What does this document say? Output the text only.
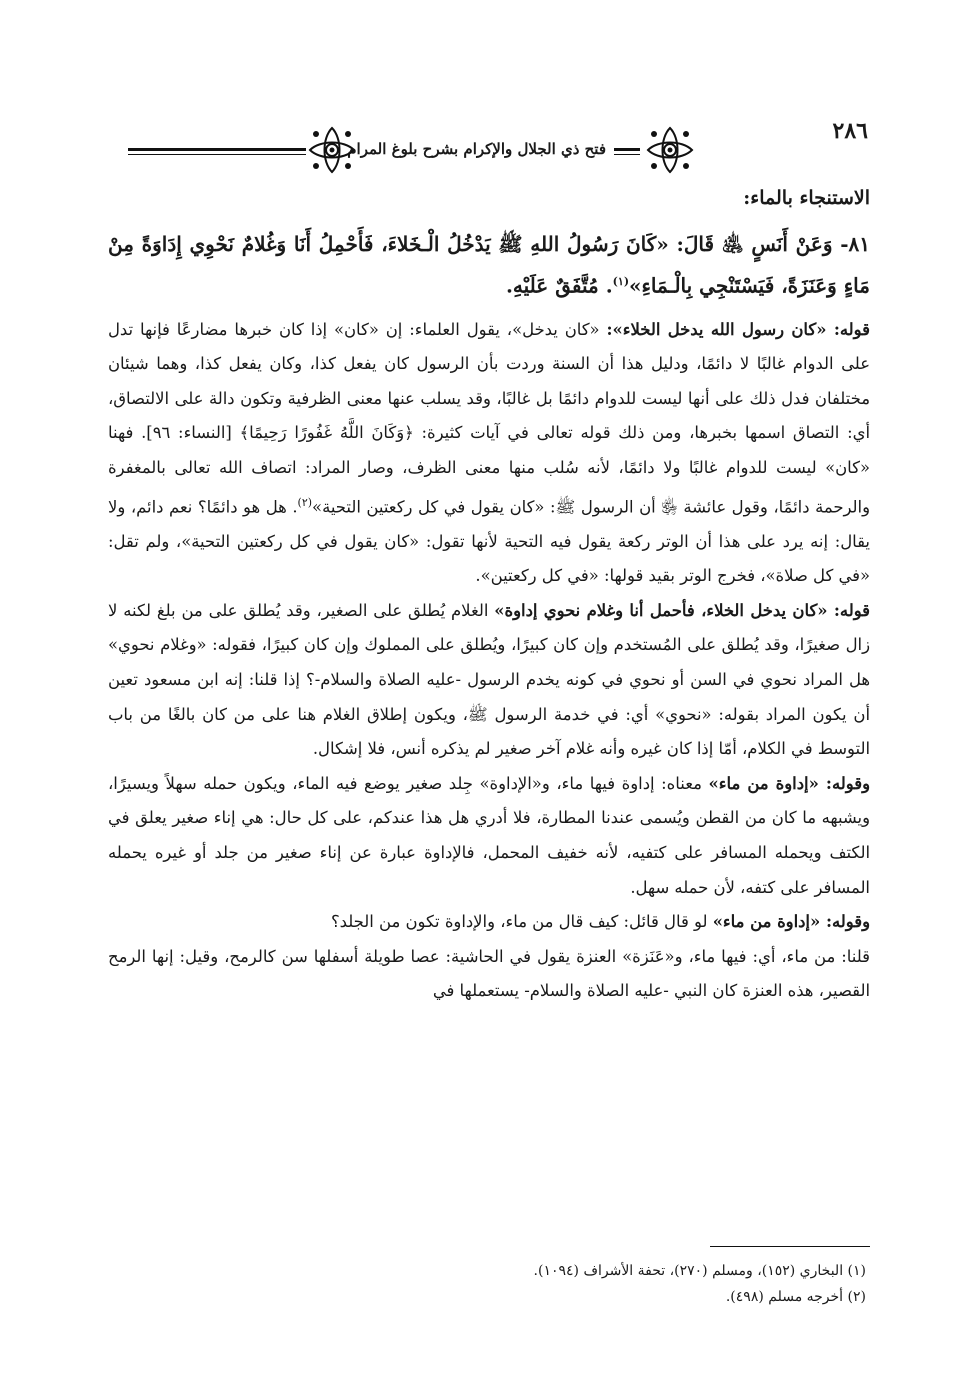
٢٨٦
فتح ذي الجلال والإكرام بشرح بلوغ المرام
الاستنجاء بالماء:

٨١- وَعَنْ أَنَسٍ ﵁ قَالَ: «كَانَ رَسُولُ اللهِ ﷺ يَدْخُلُ الْـخَلاءَ، فَأَحْمِلُ أَنَا وَغُلامٌ نَحْوِي إِدَاوَةً مِنْ مَاءٍ وَعَنَزَةً، فَيَسْتَنْجِي بِالْـمَاءِ»$^{(١)}$. مُتَّفَقٌ عَلَيْهِ.

قوله: «كان رسول الله يدخل الخلاء»: «كان يدخل»، يقول العلماء: إن «كان» إذا كان خبرها مضارعًا فإنها تدل على الدوام غالبًا لا دائمًا، ودليل هذا أن السنة وردت بأن الرسول كان يفعل كذا، وكان يفعل كذا، وهما شيئان مختلفان فدل ذلك على أنها ليست للدوام دائمًا بل غالبًا، وقد يسلب عنها معنى الظرفية وتكون دالة على الالتصاق، أي: التصاق اسمها بخبرها، ومن ذلك قوله تعالى في آيات كثيرة: ﴿وَكَانَ اللَّهُ غَفُورًا رَحِيمًا﴾ [النساء: ٩٦]. فهنا «كان» ليست للدوام غالبًا ولا دائمًا، لأنه سُلب منها معنى الظرف، وصار المراد: اتصاف الله تعالى بالمغفرة والرحمة دائمًا، وقول عائشة ﵂ أن الرسول ﷺ: «كان يقول في كل ركعتين التحية»$^{(٢)}$. هل هو دائمًا؟ نعم دائم، ولا يقال: إنه يرد على هذا أن الوتر ركعة يقول فيه التحية لأنها تقول: «كان يقول في كل ركعتين التحية»، ولم تقل: «في كل صلاة»، فخرج الوتر بقيد قولها: «في كل ركعتين».

قوله: «كان يدخل الخلاء، فأحمل أنا وغلام نحوي إداوة» الغلام يُطلق على الصغير، وقد يُطلق على من بلغ لكنه لا زال صغيرًا، وقد يُطلق على المُستخدم وإن كان كبيرًا، ويُطلق على المملوك وإن كان كبيرًا، فقوله: «وغلام نحوي» هل المراد نحوي في السن أو نحوي في كونه يخدم الرسول -عليه الصلاة والسلام-؟ إذا قلنا: إنه ابن مسعود تعين أن يكون المراد بقوله: «نحوي» أي: في خدمة الرسول ﷺ، ويكون إطلاق الغلام هنا على من كان بالغًا من باب التوسط في الكلام، أمّا إذا كان غيره وأنه غلام آخر صغير لم يذكره أنس، فلا إشكال.

وقوله: «إداوة من ماء» معناه: إداوة فيها ماء، و«الإداوة» جِلد صغير يوضع فيه الماء، ويكون حمله سهلاً ويسيرًا، ويشبهه ما كان من القطن ويُسمى عندنا المطارة، فلا أدري هل هذا عندكم، على كل حال: هي إناء صغير يعلق في الكتف ويحمله المسافر على كتفيه، لأنه خفيف المحمل، فالإداوة عبارة عن إناء صغير من جلد أو غيره يحمله المسافر على كتفه، لأن حمله سهل.

وقوله: «إداوة من ماء» لو قال قائل: كيف قال من ماء، والإداوة تكون من الجلد؟

قلنا: من ماء، أي: فيها ماء، و«عَنَزة» العنزة يقول في الحاشية: عصا طويلة أسفلها سن كالرمح، وقيل: إنها الرمح القصير، هذه العنزة كان النبي -عليه الصلاة والسلام- يستعملها في

(١) البخاري (١٥٢)، ومسلم (٢٧٠)، تحفة الأشراف (١٠٩٤).

(٢) أخرجه مسلم (٤٩٨).
